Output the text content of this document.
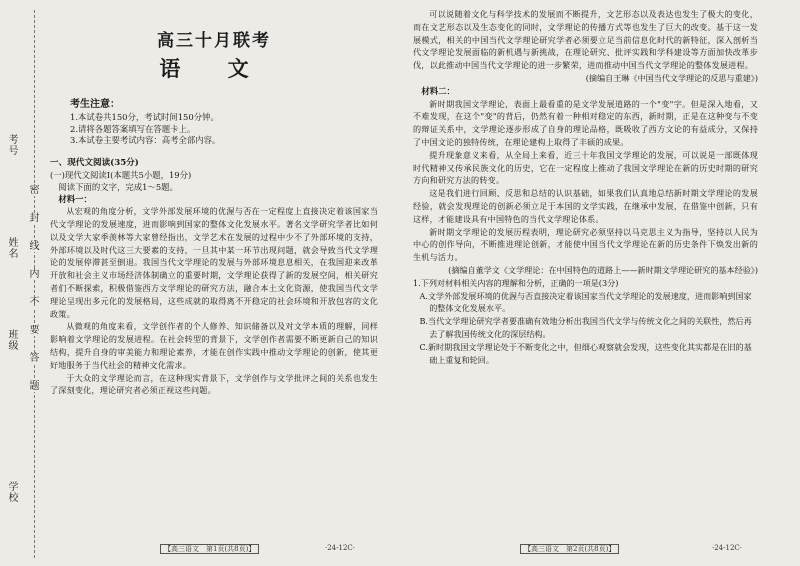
考号
姓名
班级
学校
密
封
线
内
不
要
答
题
高三十月联考
语 文
考生注意：
1.本试卷共150分，考试时间150分钟。
2.请将各题答案填写在答题卡上。
3.本试卷主要考试内容：高考全部内容。
一、现代文阅读(35分)
(一)现代文阅读Ⅰ(本题共5小题，19分)
阅读下面的文字，完成1～5题。
材料一：
从宏观的角度分析，文学外部发展环境的优渥与否在一定程度上直接决定着该国家当代文学理论的发展速度，进而影响到国家的整体文化发展水平。著名文学研究学者比如何以及文学大家季羡林等大家曾经指出，文学艺术在发展的过程中少不了外部环境的支持，外部环境以及时代这三大要素的支持，一旦其中某一环节出现问题，就会导致当代文学理论的发展停滞甚至倒退。我国当代文学理论的发展与外部环境息息相关，在我国迎来改革开放和社会主义市场经济体制确立的重要时期，文学理论获得了新的发展空间，相关研究者们不断探索，积极借鉴西方文学理论的研究方法，融合本土文化资源，使我国当代文学理论呈现出多元化的发展格局，这些成就的取得离不开稳定的社会环境和开放包容的文化政策。
从微观的角度来看，文学创作者的个人修养、知识储备以及对文学本质的理解，同样影响着文学理论的发展进程。在社会转型的背景下，文学创作者需要不断更新自己的知识结构，提升自身的审美能力和理论素养，才能在创作实践中推动文学理论的创新，使其更好地服务于当代社会的精神文化需求。
于大众的文学理论而言，在这种现实背景下，文学创作与文学批评之间的关系也发生了深刻变化，理论研究者必须正视这些问题。
可以说随着文化与科学技术的发展而不断提升，文艺形态以及表达也发生了极大的变化，而在文艺形态以及生态变化的同时，文学理论的传播方式等也发生了巨大的改变。基于这一发展模式，相关的中国当代文学理论研究学者必须要立足当前信息化时代的新特征，深入剖析当代文学理论发展面临的新机遇与新挑战，在理论研究、批评实践和学科建设等方面加快改革步伐，以此推动中国当代文学理论的进一步繁荣，进而推动中国当代文学理论的整体发展进程。
(摘编自王琳《中国当代文学理论的反思与重建》)
材料二：
新时期我国文学理论，表面上最看重的是文学发展道路的一个"变"字。但是深入地看，又不难发现，在这个"变"的背后，仍然有着一种相对稳定的东西，新时期，正是在这种变与不变的辩证关系中，文学理论逐步形成了自身的理论品格，既吸收了西方文论的有益成分，又保持了中国文论的独特传统，在理论建构上取得了丰硕的成果。
提升现象意义来看，从全局上来看，近三十年我国文学理论的发展，可以说是一部既体现时代精神又传承民族文化的历史，它在一定程度上推动了我国文学理论在新的历史时期的研究方向和研究方法的转变。
这是我们进行回顾、反思和总结的认识基础，如果我们认真地总结新时期文学理论的发展经验，就会发现理论的创新必须立足于本国的文学实践，在继承中发展，在借鉴中创新，只有这样，才能建设具有中国特色的当代文学理论体系。
新时期文学理论的发展历程表明，理论研究必须坚持以马克思主义为指导，坚持以人民为中心的创作导向，不断推进理论创新，才能使中国当代文学理论在新的历史条件下焕发出新的生机与活力。
(摘编自董学文《文学理论：在中国特色的道路上——新时期文学理论研究的基本经验》)
1.下列对材料相关内容的理解和分析，正确的一项是(3分)
A.文学外部发展环境的优渥与否直接决定着该国家当代文学理论的发展速度，进而影响到国家的整体文化发展水平。
B.当代文学理论研究学者要准确有效地分析出我国当代文学与传统文化之间的关联性，然后再去了解我国传统文化的深层结构。
C.新时期我国文学理论处于不断变化之中，但细心观察就会发现，这些变化其实都是在旧的基础上重复和轮回。
【高三语文　第1页(共8页)】	·24-12C·	【高三语文　第2页(共8页)】	·24-12C·
